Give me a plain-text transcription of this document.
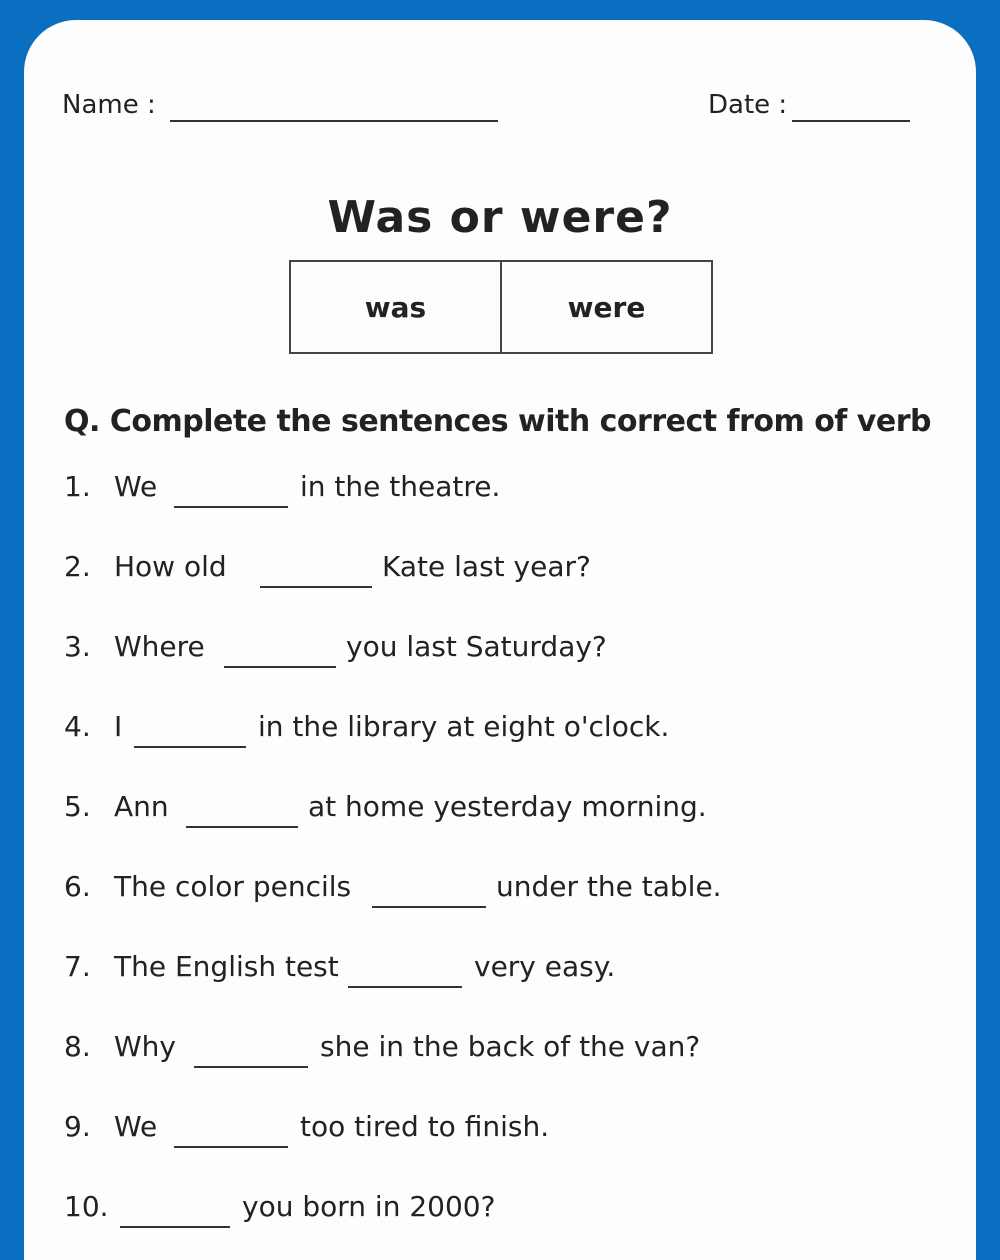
Name :	Date :
Was or were?
was	were
Q. Complete the sentences with correct from of verb
1. We	in the theatre.
2. How old	Kate last year?
3. Where	you last Saturday?
4. I	in the library at eight o'clock.
5. Ann	at home yesterday morning.
6. The color pencils	under the table.
7. The English test	very easy.
8. Why	she in the back of the van?
9. We	too tired to finish.
10.	you born in 2000?
